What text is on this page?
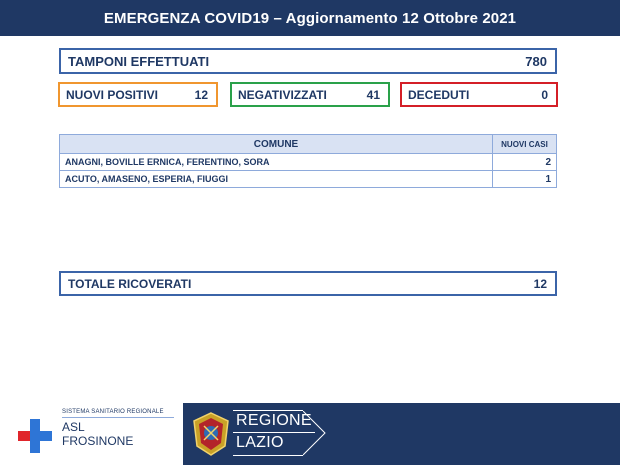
EMERGENZA COVID19 – Aggiornamento 12 Ottobre 2021
TAMPONI EFFETTUATI	780
NUOVI POSITIVI	12	NEGATIVIZZATI	41 DECEDUTI	0
COMUNE	NUOVI CASI
ANAGNI, BOVILLE ERNICA, FERENTINO, SORA	2
ACUTO, AMASENO, ESPERIA, FIUGGI	1
TOTALE RICOVERATI	12
SISTEMA SANITARIO REGIONALE
ASL
FROSINONE
REGIONE
LAZIO
